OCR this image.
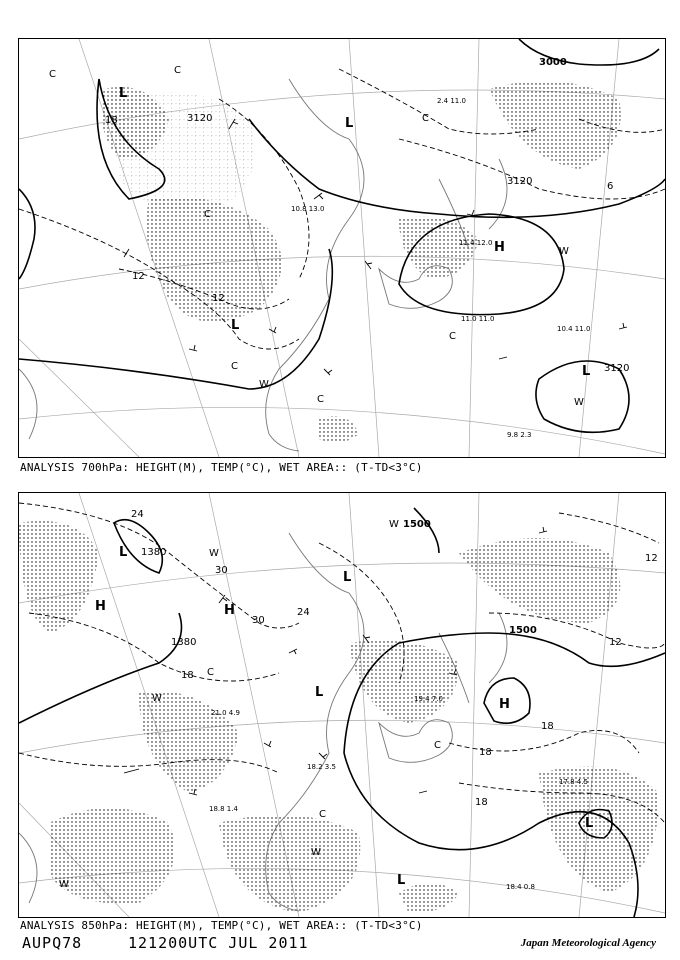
3000
3120
3120
3120
18
12
12
6
H
L
L
L
L
C	C
C
C
C
C
C
W
W
W
2.4 11.0
10.8 13.0
11.4 12.0
10.4 11.0
9.8 2.3
11.0 11.0
ANALYSIS 700hPa: HEIGHT(M), TEMP(°C), WET AREA:: (T-TD<3°C)
1500
1500
1380
1380
30
30
24
24
18
18
18
18
12
12
H	H
H
L
L
L
L
L
C
C
C
W
W
W
W
W
19.4 7.0
17.8 4.5
18.4 0.8
21.0 4.9
18.8 1.4
18.2 3.5
ANALYSIS 850hPa: HEIGHT(M), TEMP(°C), WET AREA:: (T-TD<3°C)
AUPQ78	121200UTC JUL 2011	Japan Meteorological Agency
